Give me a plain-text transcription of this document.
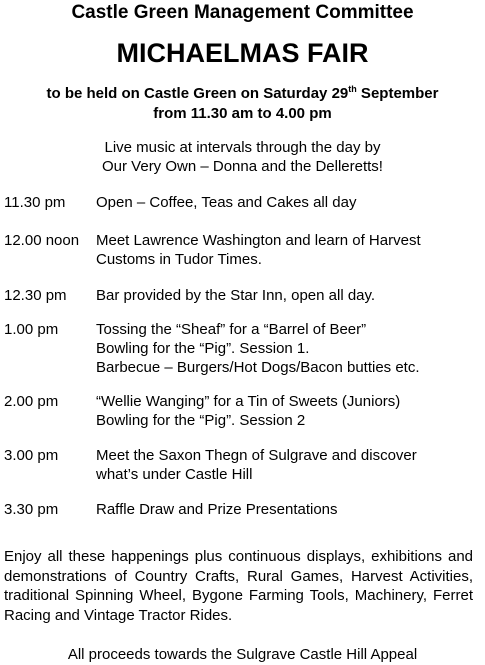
Castle Green Management Committee
MICHAELMAS FAIR
to be held on Castle Green on Saturday 29th September
from 11.30 am to 4.00 pm
Live music at intervals through the day by
Our Very Own – Donna and the Delleretts!
11.30 pm	Open – Coffee, Teas and Cakes all day
12.00 noon	Meet Lawrence Washington and learn of Harvest
Customs in Tudor Times.
12.30 pm	Bar provided by the Star Inn, open all day.
1.00 pm	Tossing the “Sheaf” for a “Barrel of Beer”
Bowling for the “Pig”. Session 1.
Barbecue – Burgers/Hot Dogs/Bacon butties etc.
2.00 pm	“Wellie Wanging” for a Tin of Sweets (Juniors)
Bowling for the “Pig”. Session 2
3.00 pm	Meet the Saxon Thegn of Sulgrave and discover
what’s under Castle Hill
3.30 pm	Raffle Draw and Prize Presentations
Enjoy all these happenings plus continuous displays, exhibitions and demonstrations of Country Crafts, Rural Games, Harvest Activities, traditional Spinning Wheel, Bygone Farming Tools, Machinery, Ferret Racing and Vintage Tractor Rides.
All proceeds towards the Sulgrave Castle Hill Appeal
